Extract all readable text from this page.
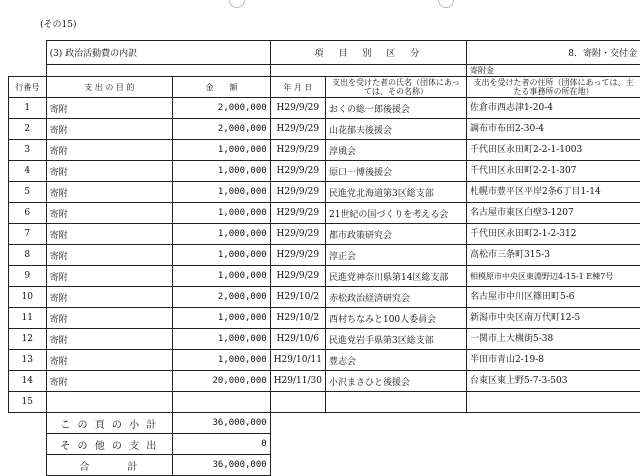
(その15)
	(3) 政治活動費の内訳		項　目　別　区　分		8．寄附・交付金
					寄附金
行番号	支 出 の 目 的	金　　額	年 月 日	支出を受けた者の氏名（団体にあっては、その名称）	支出を受けた者の住所（団体にあっては、主たる事務所の所在地）
1	寄附	2,000,000	H29/9/29	おくの総一郎後援会	佐倉市西志津1-20-4
2	寄附	2,000,000	H29/9/29	山花郁夫後援会	調布市布田2-30-4
3	寄附	1,000,000	H29/9/29	淳風会	千代田区永田町2-2-1-1003
4	寄附	1,000,000	H29/9/29	原口一博後援会	千代田区永田町2-2-1-307
5	寄附	1,000,000	H29/9/29	民進党北海道第3区総支部	札幌市豊平区平岸2条6丁目1-14
6	寄附	1,000,000	H29/9/29	21世紀の国づくりを考える会	名古屋市東区白壁3-1207
7	寄附	1,000,000	H29/9/29	都市政策研究会	千代田区永田町2-1-2-312
8	寄附	1,000,000	H29/9/29	淳正会	高松市三条町315-3
9	寄附	1,000,000	H29/9/29	民進党神奈川県第14区総支部	相模原市中央区東淵野辺4-15-1 E棟7号
10	寄附	2,000,000	H29/10/2	赤松政治経済研究会	名古屋市中川区篠田町5-6
11	寄附	1,000,000	H29/10/2	西村ちなみと100人委員会	新潟市中央区南万代町12-5
12	寄附	1,000,000	H29/10/6	民進党岩手県第3区総支部	一関市上大槻街5-38
13	寄附	1,000,000	H29/10/11	豊志会	半田市青山2-19-8
14	寄附	20,000,000	H29/11/30	小沢まさひと後援会	台東区東上野5-7-3-503
15					
	こ の 頁 の 小 計	36,000,000			
	そ の 他 の 支 出	0			
	合　　　計	36,000,000			
